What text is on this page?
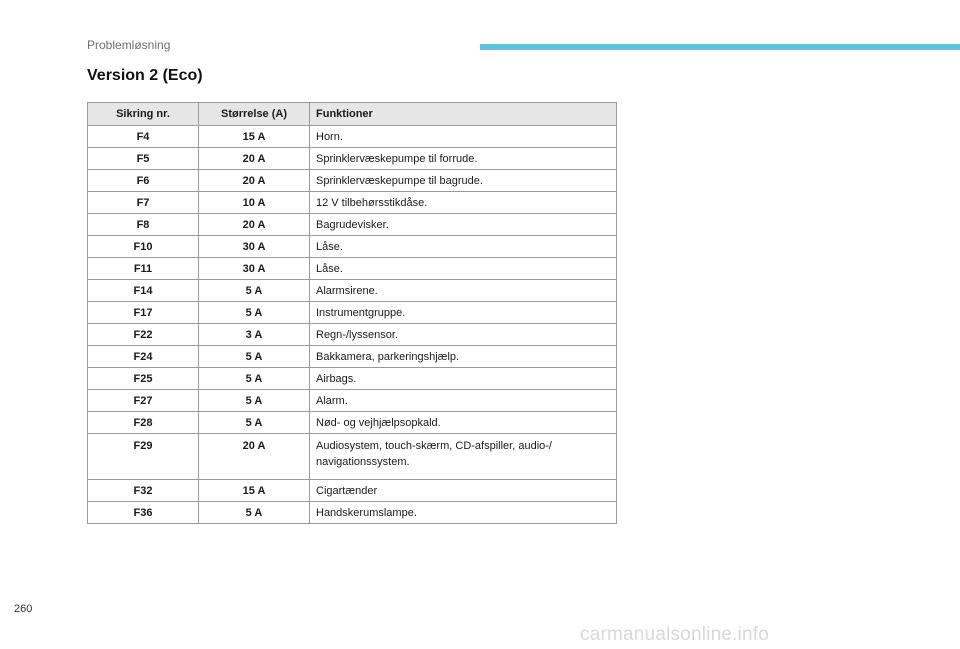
Problemløsning
Version 2 (Eco)
Sikring nr.	Størrelse (A)	Funktioner
F4	15 A	Horn.
F5	20 A	Sprinklervæskepumpe til forrude.
F6	20 A	Sprinklervæskepumpe til bagrude.
F7	10 A	12 V tilbehørsstikdåse.
F8	20 A	Bagrudevisker.
F10	30 A	Låse.
F11	30 A	Låse.
F14	5 A	Alarmsirene.
F17	5 A	Instrumentgruppe.
F22	3 A	Regn-/lyssensor.
F24	5 A	Bakkamera, parkeringshjælp.
F25	5 A	Airbags.
F27	5 A	Alarm.
F28	5 A	Nød- og vejhjælpsopkald.
F29	20 A	Audiosystem, touch-skærm, CD-afspiller, audio-/ navigationssystem.
F32	15 A	Cigartænder
F36	5 A	Handskerumslampe.
260
carmanualsonline.info
